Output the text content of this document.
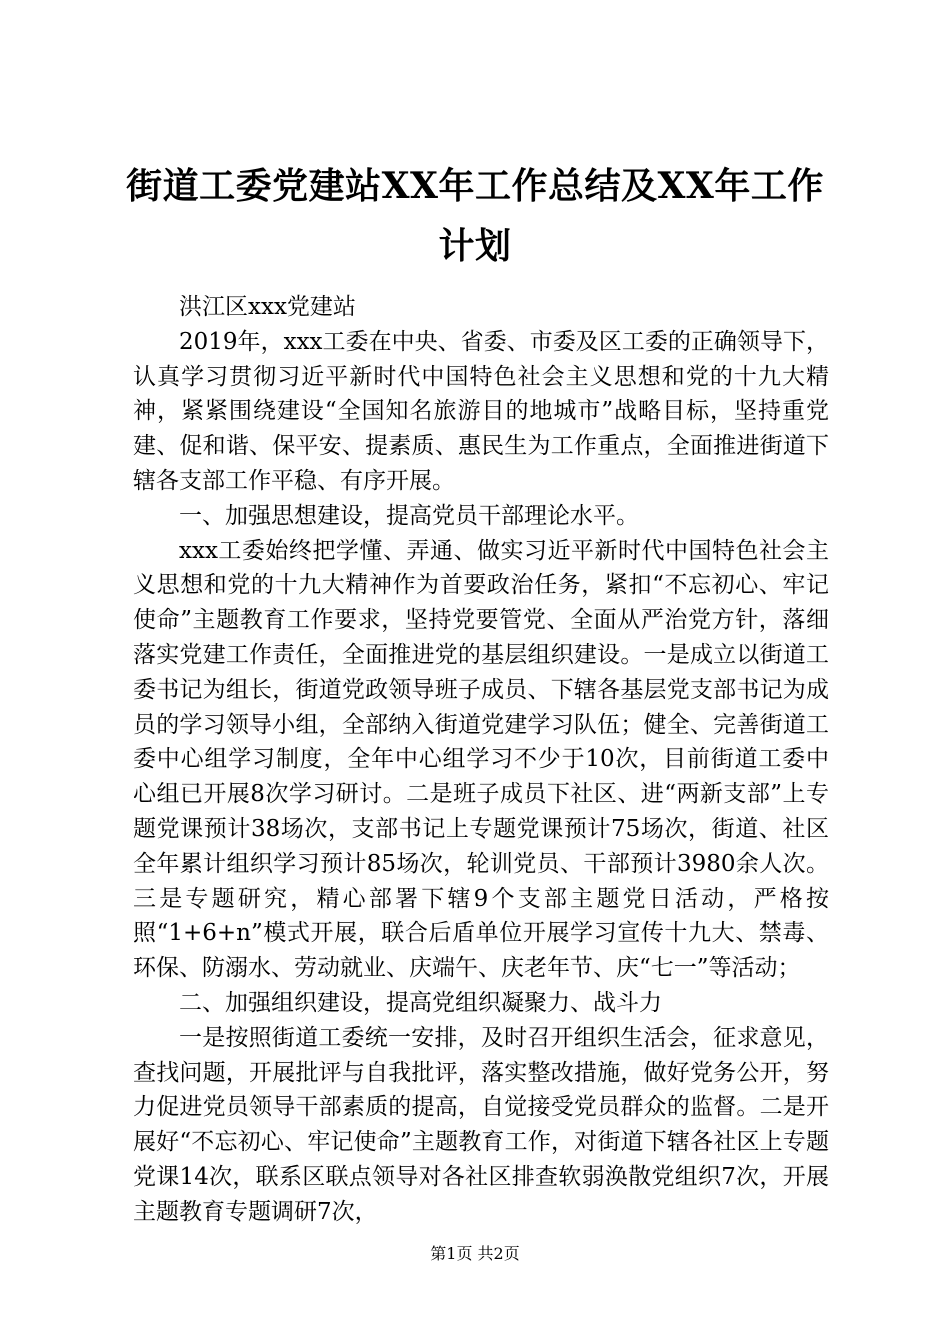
街道工委党建站XX年工作总结及XX年工作计划

洪江区xxx党建站

2019年，xxx工委在中央、省委、市委及区工委的正确领导下，认真学习贯彻习近平新时代中国特色社会主义思想和党的十九大精神，紧紧围绕建设“全国知名旅游目的地城市”战略目标，坚持重党建、促和谐、保平安、提素质、惠民生为工作重点，全面推进街道下辖各支部工作平稳、有序开展。

一、加强思想建设，提高党员干部理论水平。

xxx工委始终把学懂、弄通、做实习近平新时代中国特色社会主义思想和党的十九大精神作为首要政治任务，紧扣“不忘初心、牢记使命”主题教育工作要求，坚持党要管党、全面从严治党方针，落细落实党建工作责任，全面推进党的基层组织建设。一是成立以街道工委书记为组长，街道党政领导班子成员、下辖各基层党支部书记为成员的学习领导小组，全部纳入街道党建学习队伍；健全、完善街道工委中心组学习制度，全年中心组学习不少于10次，目前街道工委中心组已开展8次学习研讨。二是班子成员下社区、进“两新支部”上专题党课预计38场次，支部书记上专题党课预计75场次，街道、社区全年累计组织学习预计85场次，轮训党员、干部预计3980余人次。三是专题研究，精心部署下辖9个支部主题党日活动，严格按照“1+6+n”模式开展，联合后盾单位开展学习宣传十九大、禁毒、环保、防溺水、劳动就业、庆端午、庆老年节、庆“七一”等活动；

二、加强组织建设，提高党组织凝聚力、战斗力

一是按照街道工委统一安排，及时召开组织生活会，征求意见，查找问题，开展批评与自我批评，落实整改措施，做好党务公开，努力促进党员领导干部素质的提高，自觉接受党员群众的监督。二是开展好“不忘初心、牢记使命”主题教育工作，对街道下辖各社区上专题党课14次，联系区联点领导对各社区排查软弱涣散党组织7次，开展主题教育专题调研7次，

第1页 共2页
